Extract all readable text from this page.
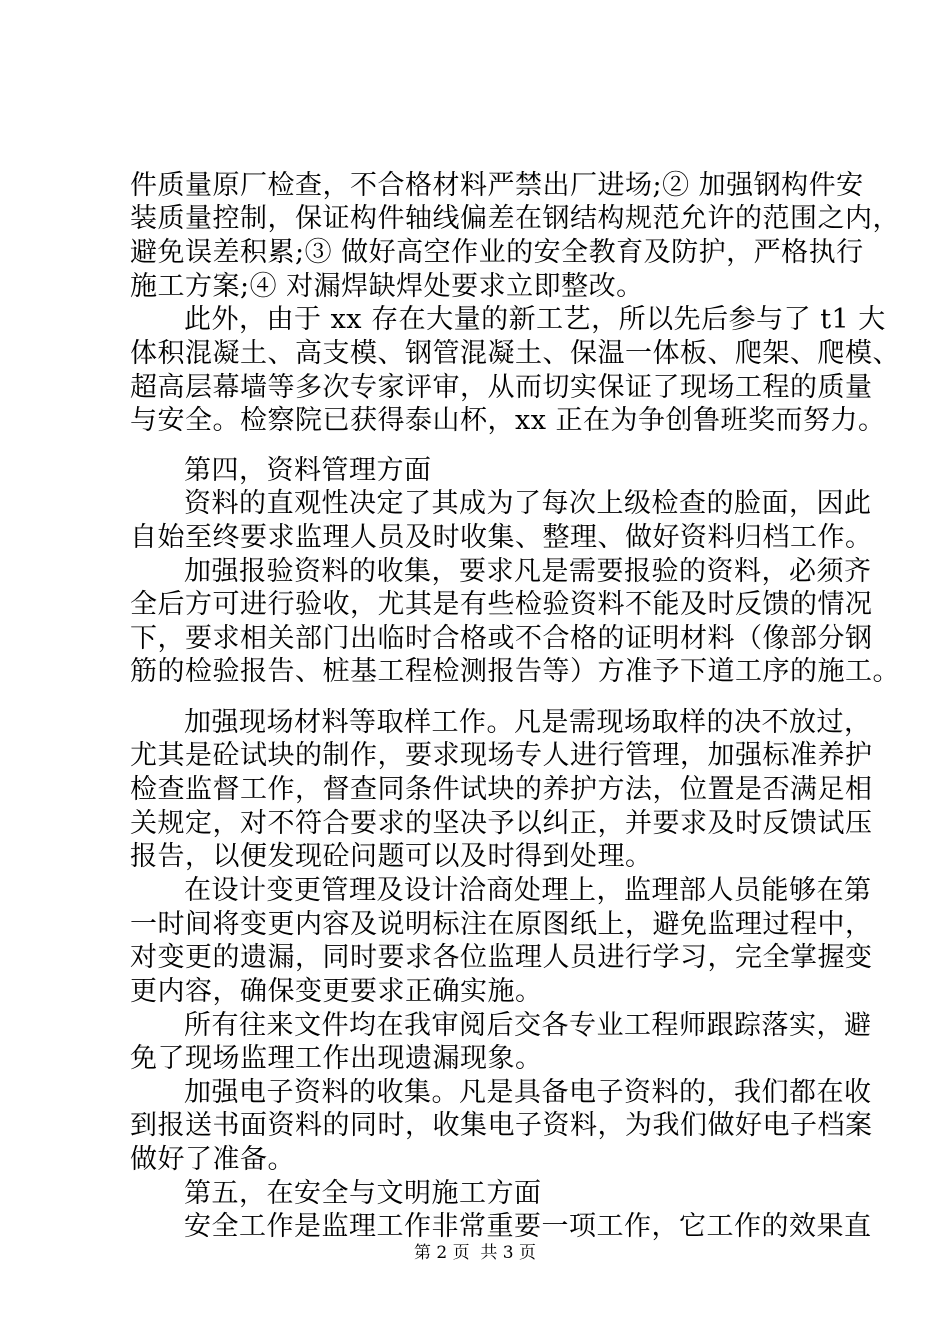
件质量原厂检查，不合格材料严禁出厂进场;② 加强钢构件安
装质量控制，保证构件轴线偏差在钢结构规范允许的范围之内，
避免误差积累;③ 做好高空作业的安全教育及防护，严格执行
施工方案;④ 对漏焊缺焊处要求立即整改。
此外，由于 xx 存在大量的新工艺，所以先后参与了 t1 大
体积混凝土、高支模、钢管混凝土、保温一体板、爬架、爬模、
超高层幕墙等多次专家评审，从而切实保证了现场工程的质量
与安全。检察院已获得泰山杯，xx 正在为争创鲁班奖而努力。
第四，资料管理方面
资料的直观性决定了其成为了每次上级检查的脸面，因此
自始至终要求监理人员及时收集、整理、做好资料归档工作。
加强报验资料的收集，要求凡是需要报验的资料，必须齐
全后方可进行验收，尤其是有些检验资料不能及时反馈的情况
下，要求相关部门出临时合格或不合格的证明材料（像部分钢
筋的检验报告、桩基工程检测报告等）方准予下道工序的施工。
加强现场材料等取样工作。凡是需现场取样的决不放过，
尤其是砼试块的制作，要求现场专人进行管理，加强标准养护
检查监督工作，督查同条件试块的养护方法，位置是否满足相
关规定，对不符合要求的坚决予以纠正，并要求及时反馈试压
报告，以便发现砼问题可以及时得到处理。
在设计变更管理及设计洽商处理上，监理部人员能够在第
一时间将变更内容及说明标注在原图纸上，避免监理过程中，
对变更的遗漏，同时要求各位监理人员进行学习，完全掌握变
更内容，确保变更要求正确实施。
所有往来文件均在我审阅后交各专业工程师跟踪落实，避
免了现场监理工作出现遗漏现象。
加强电子资料的收集。凡是具备电子资料的，我们都在收
到报送书面资料的同时，收集电子资料，为我们做好电子档案
做好了准备。
第五，在安全与文明施工方面
安全工作是监理工作非常重要一项工作，它工作的效果直
第 2 页  共 3 页
